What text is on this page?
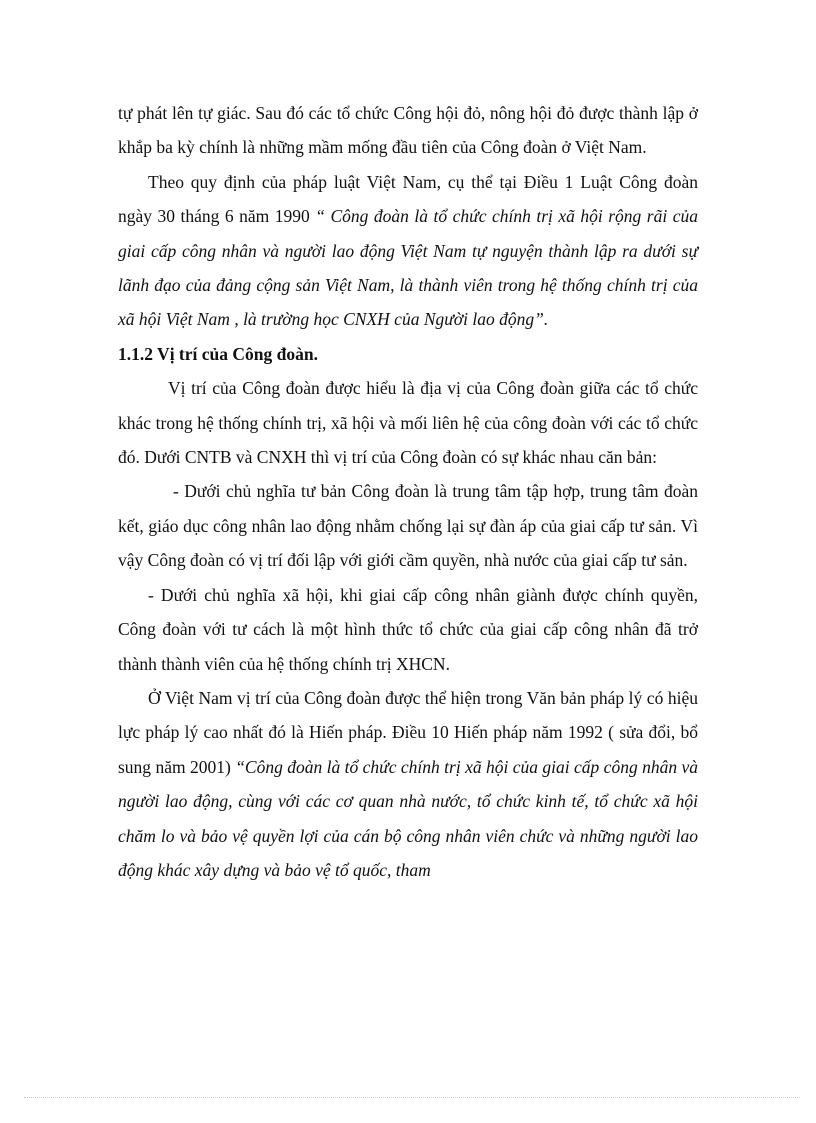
tự phát lên tự giác. Sau đó các tổ chức Công hội đỏ, nông hội đỏ được thành lập ở khắp ba kỳ chính là những mầm mống đầu tiên của Công đoàn ở Việt Nam.

Theo quy định của pháp luật Việt Nam, cụ thể tại Điều 1 Luật Công đoàn ngày 30 tháng 6 năm 1990 “ Công đoàn là tổ chức chính trị xã hội rộng rãi của giai cấp công nhân và người lao động Việt Nam tự nguyện thành lập ra dưới sự lãnh đạo của đảng cộng sản Việt Nam, là thành viên trong hệ thống chính trị của xã hội Việt Nam , là trường học CNXH của Người lao động”.

1.1.2 Vị trí của Công đoàn.

Vị trí của Công đoàn được hiểu là địa vị của Công đoàn giữa các tổ chức khác trong hệ thống chính trị, xã hội và mối liên hệ của công đoàn với các tổ chức đó. Dưới CNTB và CNXH thì vị trí của Công đoàn có sự khác nhau căn bản:

- Dưới chủ nghĩa tư bản Công đoàn là trung tâm tập hợp, trung tâm đoàn kết, giáo dục công nhân lao động nhằm chống lại sự đàn áp của giai cấp tư sản. Vì vậy Công đoàn có vị trí đối lập với giới cầm quyền, nhà nước của giai cấp tư sản.

- Dưới chủ nghĩa xã hội, khi giai cấp công nhân giành được chính quyền, Công đoàn với tư cách là một hình thức tổ chức của giai cấp công nhân đã trở thành thành viên của hệ thống chính trị XHCN.

Ở Việt Nam vị trí của Công đoàn được thể hiện trong Văn bản pháp lý có hiệu lực pháp lý cao nhất đó là Hiến pháp. Điều 10 Hiến pháp năm 1992 ( sửa đổi, bổ sung năm 2001) “Công đoàn là tổ chức chính trị xã hội của giai cấp công nhân và người lao động, cùng với các cơ quan nhà nước, tổ chức kinh tế, tổ chức xã hội chăm lo và bảo vệ quyền lợi của cán bộ công nhân viên chức và những người lao động khác xây dựng và bảo vệ tổ quốc, tham
